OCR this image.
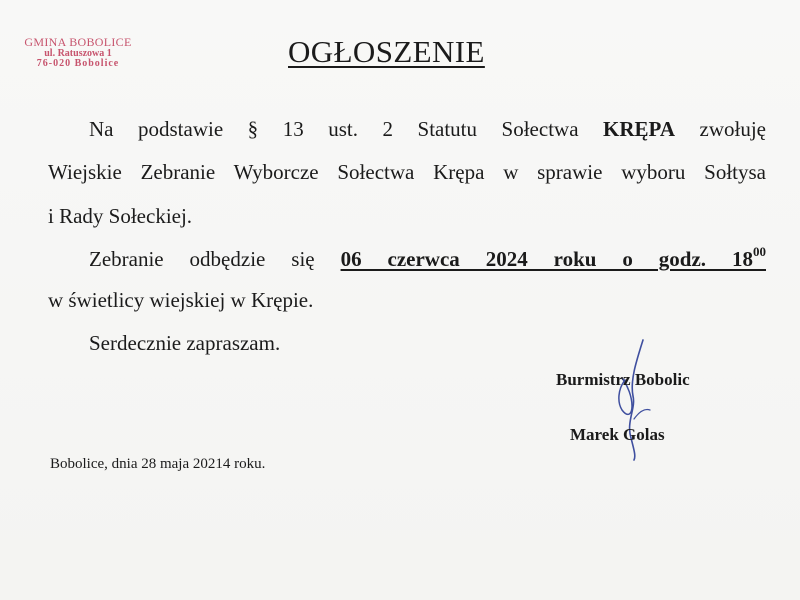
GMINA BOBOLICE
ul. Ratuszowa 1
76-020 Bobolice	OGŁOSZENIE
Na podstawie § 13 ust. 2 Statutu Sołectwa KRĘPA zwołuję
Wiejskie Zebranie Wyborcze Sołectwa Krępa w sprawie wyboru Sołtysa
i Rady Sołeckiej.
Zebranie odbędzie się 06 czerwca 2024 roku o godz. $18^{00}$
w świetlicy wiejskiej w Krępie.
Serdecznie zapraszam.
Burmistrz Bobolic
Marek Golas
Bobolice, dnia 28 maja 20214 roku.
